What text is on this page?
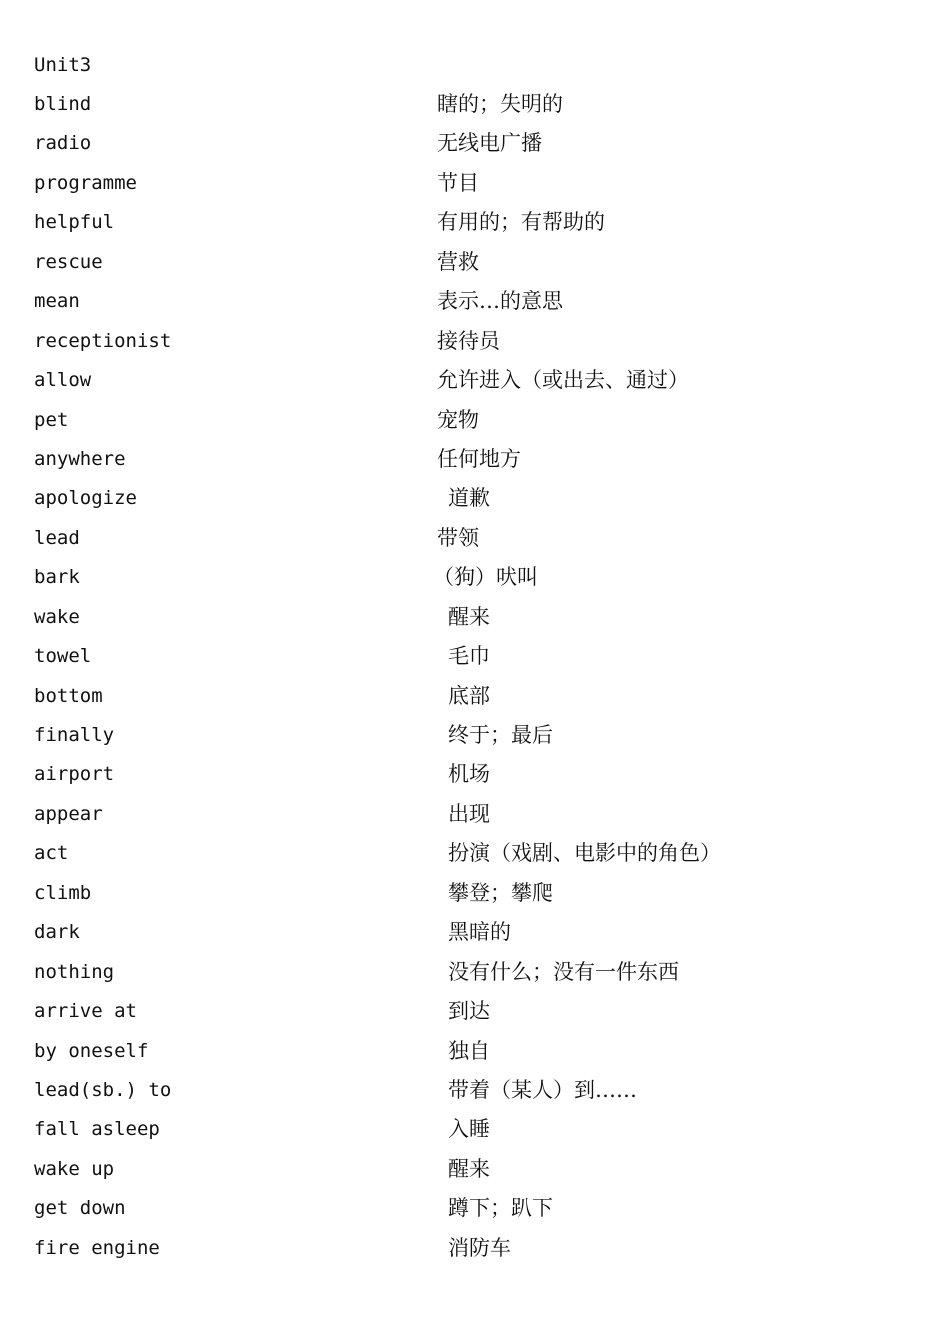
Unit3
blind	瞎的；失明的
radio	无线电广播
programme	节目
helpful	有用的；有帮助的
rescue	营救
mean	表示…的意思
receptionist	接待员
allow	允许进入（或出去、通过）
pet	宠物
anywhere	任何地方
apologize	道歉
lead	带领
bark	（狗）吠叫
wake	醒来
towel	毛巾
bottom	底部
finally	终于；最后
airport	机场
appear	出现
act	扮演（戏剧、电影中的角色）
climb	攀登；攀爬
dark	黑暗的
nothing	没有什么；没有一件东西
arrive at	到达
by oneself	独自
lead(sb.) to	带着（某人）到……
fall asleep	入睡
wake up	醒来
get down	蹲下；趴下
fire engine	消防车
